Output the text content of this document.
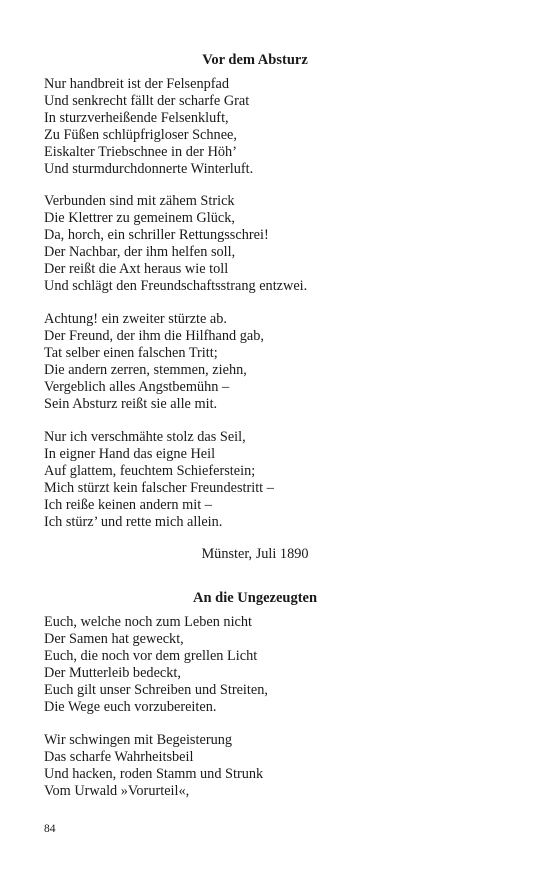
Vor dem Absturz

Nur handbreit ist der Felsenpfad
Und senkrecht fällt der scharfe Grat
In sturzverheißende Felsenkluft,
Zu Füßen schlüpfrigloser Schnee,
Eiskalter Triebschnee in der Höh’
Und sturmdurchdonnerte Winterluft.

Verbunden sind mit zähem Strick
Die Klettrer zu gemeinem Glück,
Da, horch, ein schriller Rettungsschrei!
Der Nachbar, der ihm helfen soll,
Der reißt die Axt heraus wie toll
Und schlägt den Freundschaftsstrang entzwei.

Achtung! ein zweiter stürzte ab.
Der Freund, der ihm die Hilfhand gab,
Tat selber einen falschen Tritt;
Die andern zerren, stemmen, ziehn,
Vergeblich alles Angstbemühn –
Sein Absturz reißt sie alle mit.

Nur ich verschmähte stolz das Seil,
In eigner Hand das eigne Heil
Auf glattem, feuchtem Schieferstein;
Mich stürzt kein falscher Freundestritt –
Ich reiße keinen andern mit –
Ich stürz’ und rette mich allein.

Münster, Juli 1890
An die Ungezeugten

Euch, welche noch zum Leben nicht
Der Samen hat geweckt,
Euch, die noch vor dem grellen Licht
Der Mutterleib bedeckt,
Euch gilt unser Schreiben und Streiten,
Die Wege euch vorzubereiten.

Wir schwingen mit Begeisterung
Das scharfe Wahrheitsbeil
Und hacken, roden Stamm und Strunk
Vom Urwald »Vorurteil«,

84
